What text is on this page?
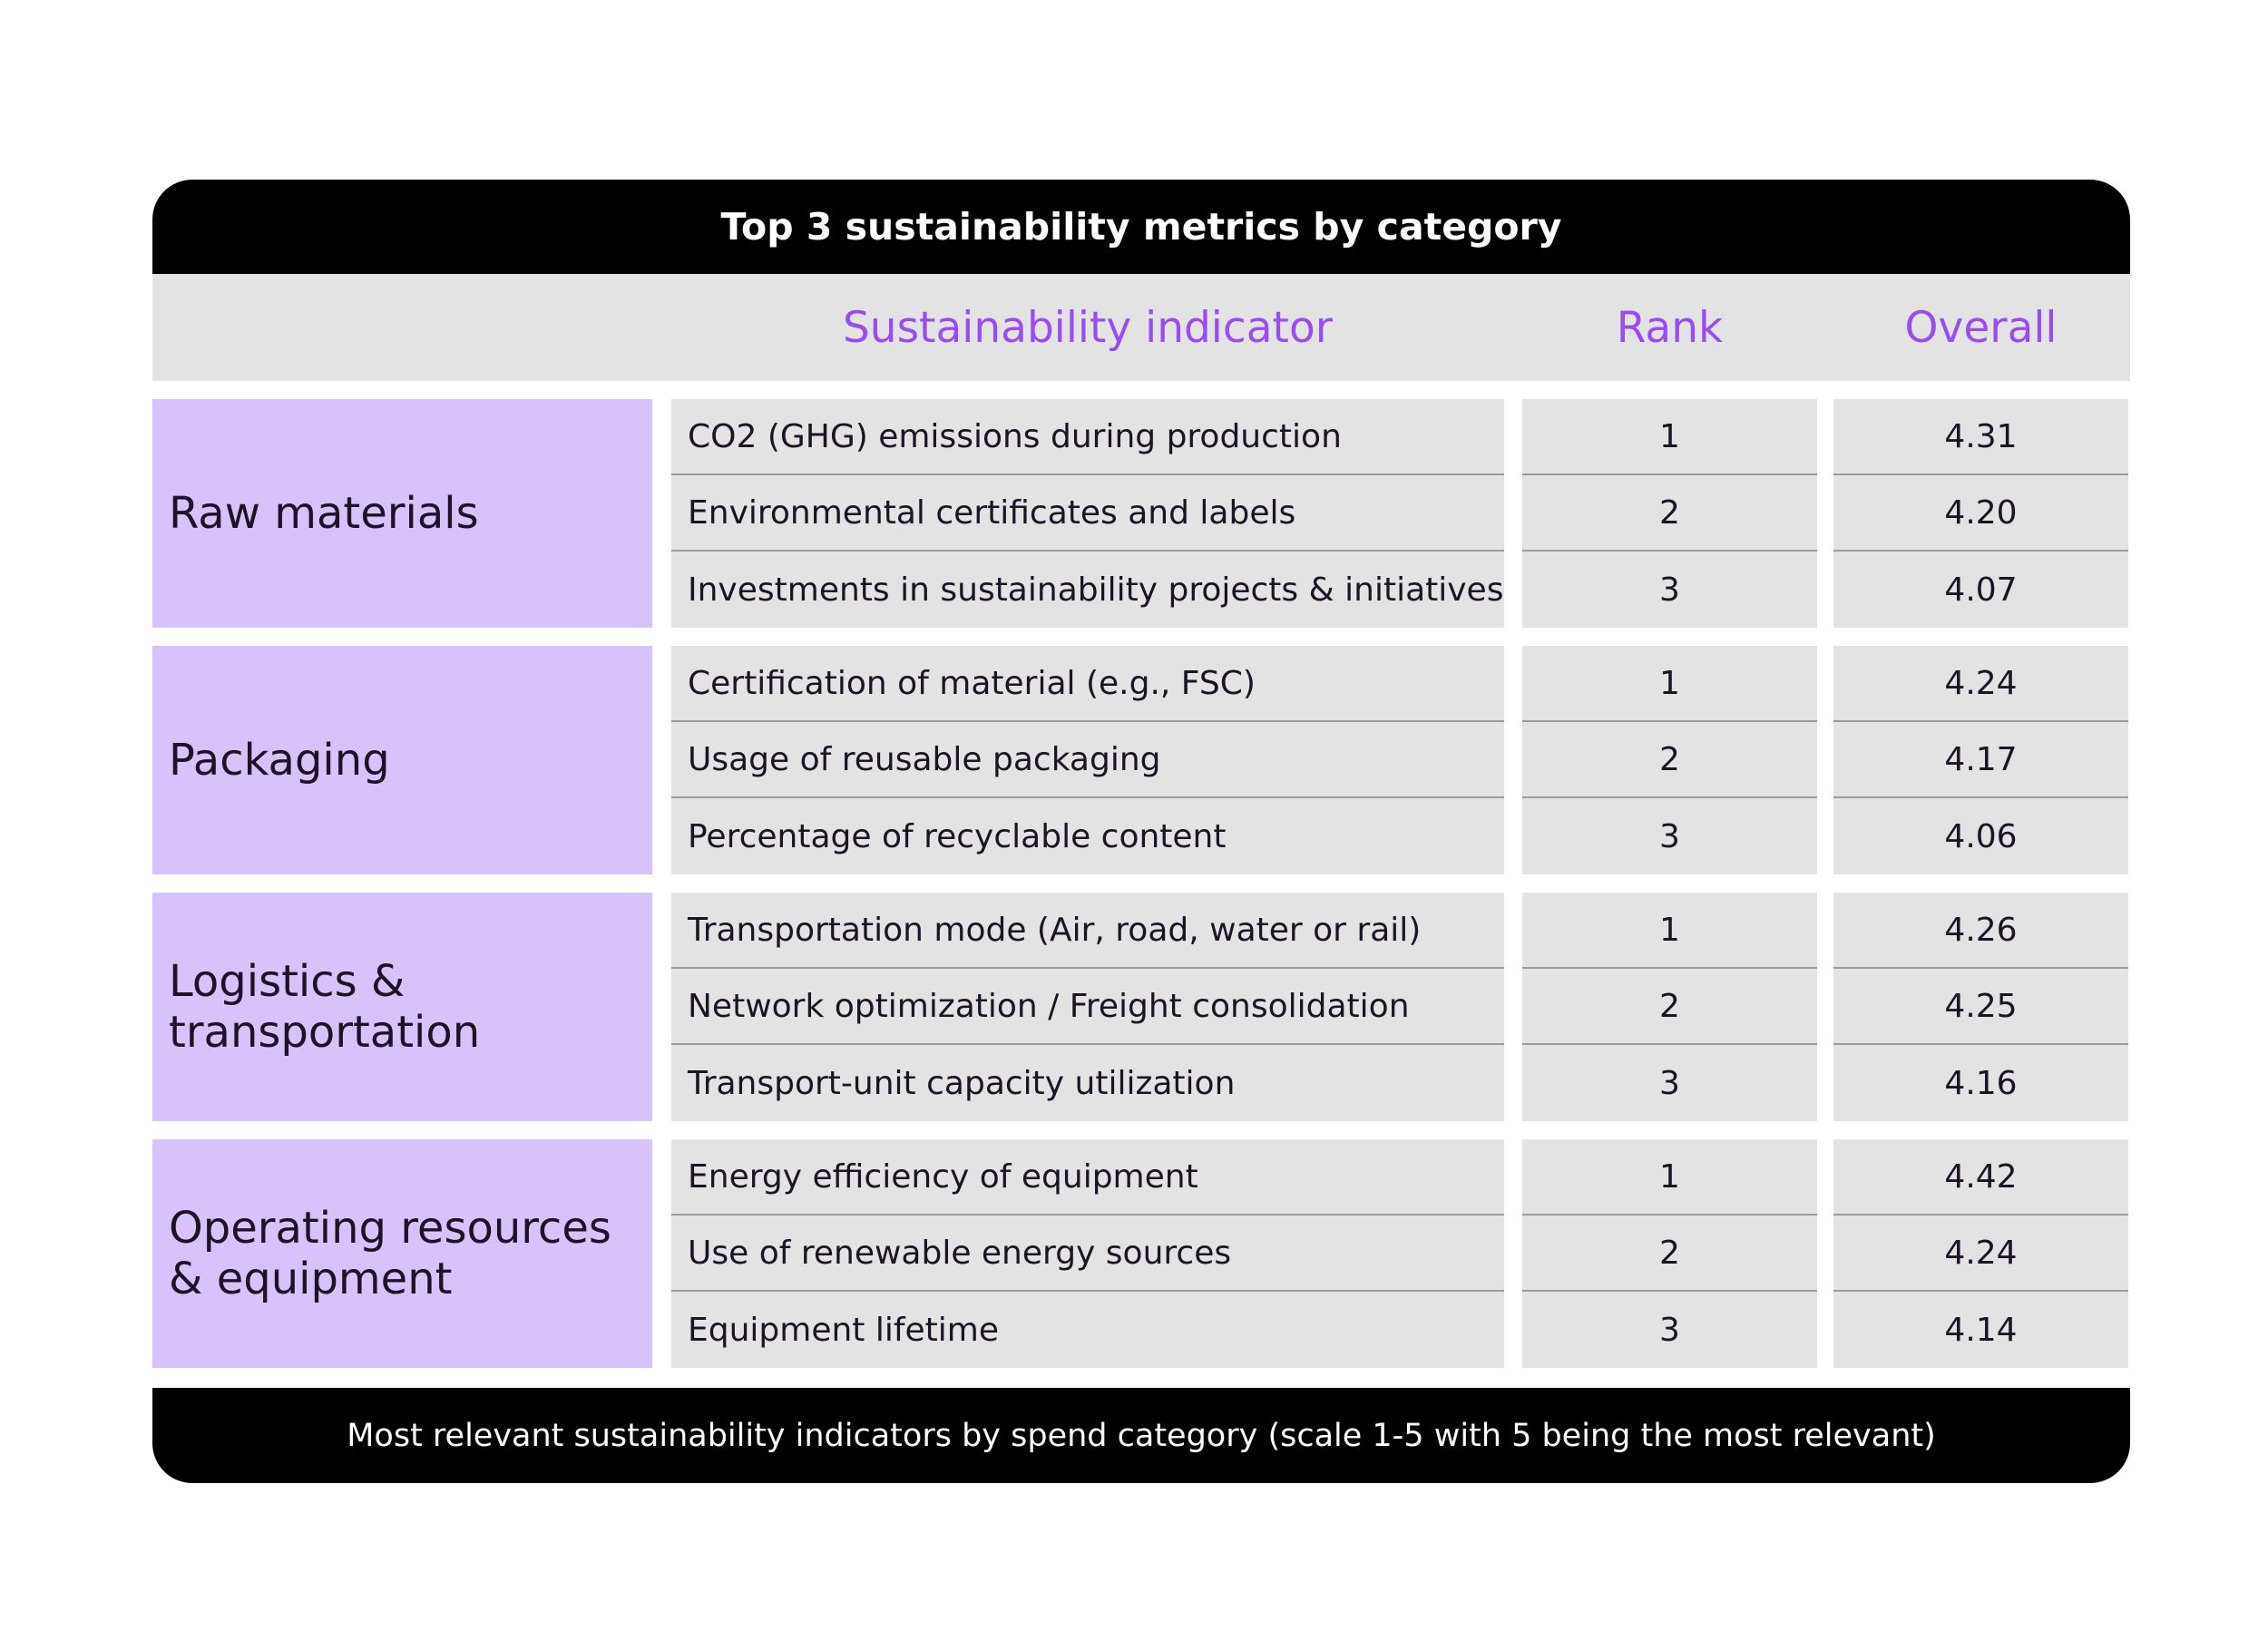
Top 3 sustainability metrics by category
Sustainability indicator	Rank	Overall
Raw materials
CO2 (GHG) emissions during production	1	4.31
Environmental certificates and labels	2	4.20
Investments in sustainability projects & initiatives	3	4.07
Packaging
Certification of material (e.g., FSC)	1	4.24
Usage of reusable packaging	2	4.17
Percentage of recyclable content	3	4.06
Logistics & transportation
Transportation mode (Air, road, water or rail)	1	4.26
Network optimization / Freight consolidation	2	4.25
Transport-unit capacity utilization	3	4.16
Operating resources & equipment
Energy efficiency of equipment	1	4.42
Use of renewable energy sources	2	4.24
Equipment lifetime	3	4.14
Most relevant sustainability indicators by spend category (scale 1-5 with 5 being the most relevant)
